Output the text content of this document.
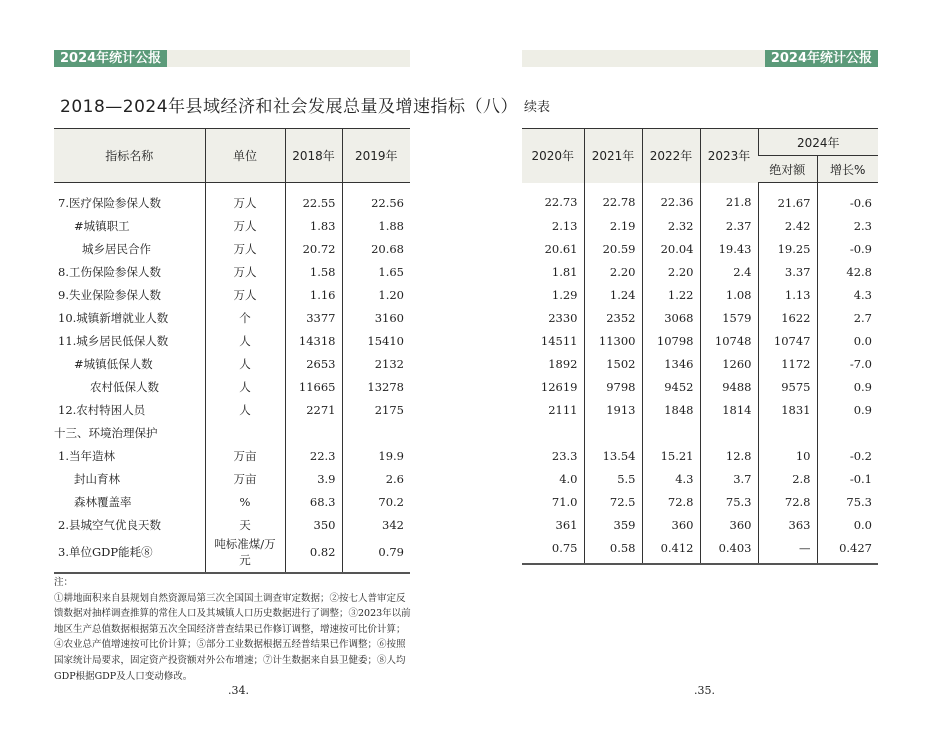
2024年统计公报	2024年统计公报
2018—2024年县域经济和社会发展总量及增速指标（八） 续表
指标名称	单位	2018年	2019年
7.医疗保险参保人数	万人	22.55	22.56
#城镇职工	万人	1.83	1.88
城乡居民合作	万人	20.72	20.68
8.工伤保险参保人数	万人	1.58	1.65
9.失业保险参保人数	万人	1.16	1.20
10.城镇新增就业人数	个	3377	3160
11.城乡居民低保人数	人	14318	15410
#城镇低保人数	人	2653	2132
农村低保人数	人	11665	13278
12.农村特困人员	人	2271	2175
十三、环境治理保护			
1.当年造林	万亩	22.3	19.9
封山育林	万亩	3.9	2.6
森林覆盖率	%	68.3	70.2
2.县城空气优良天数	天	350	342
3.单位GDP能耗⑧	吨标准煤/万元	0.82	0.79
2020年	2021年	2022年	2023年	2024年	
				绝对额	增长%
22.73	22.78	22.36	21.8	21.67	-0.6
2.13	2.19	2.32	2.37	2.42	2.3
20.61	20.59	20.04	19.43	19.25	-0.9
1.81	2.20	2.20	2.4	3.37	42.8
1.29	1.24	1.22	1.08	1.13	4.3
2330	2352	3068	1579	1622	2.7
14511	11300	10798	10748	10747	0.0
1892	1502	1346	1260	1172	-7.0
12619	9798	9452	9488	9575	0.9
2111	1913	1848	1814	1831	0.9

23.3	13.54	15.21	12.8	10	-0.2
4.0	5.5	4.3	3.7	2.8	-0.1
71.0	72.5	72.8	75.3	72.8	75.3
361	359	360	360	363	0.0
0.75	0.58	0.412	0.403	—	0.427
注：
①耕地面积来自县规划自然资源局第三次全国国土调查审定数据；②按七人普审定反馈数据对抽样调查推算的常住人口及其城镇人口历史数据进行了调整；③2023年以前地区生产总值数据根据第五次全国经济普查结果已作修订调整，增速按可比价计算；④农业总产值增速按可比价计算；⑤部分工业数据根据五经普结果已作调整；⑥按照国家统计局要求，固定资产投资额对外公布增速；⑦计生数据来自县卫健委；⑧人均GDP根据GDP及人口变动修改。
.34.	.35.
